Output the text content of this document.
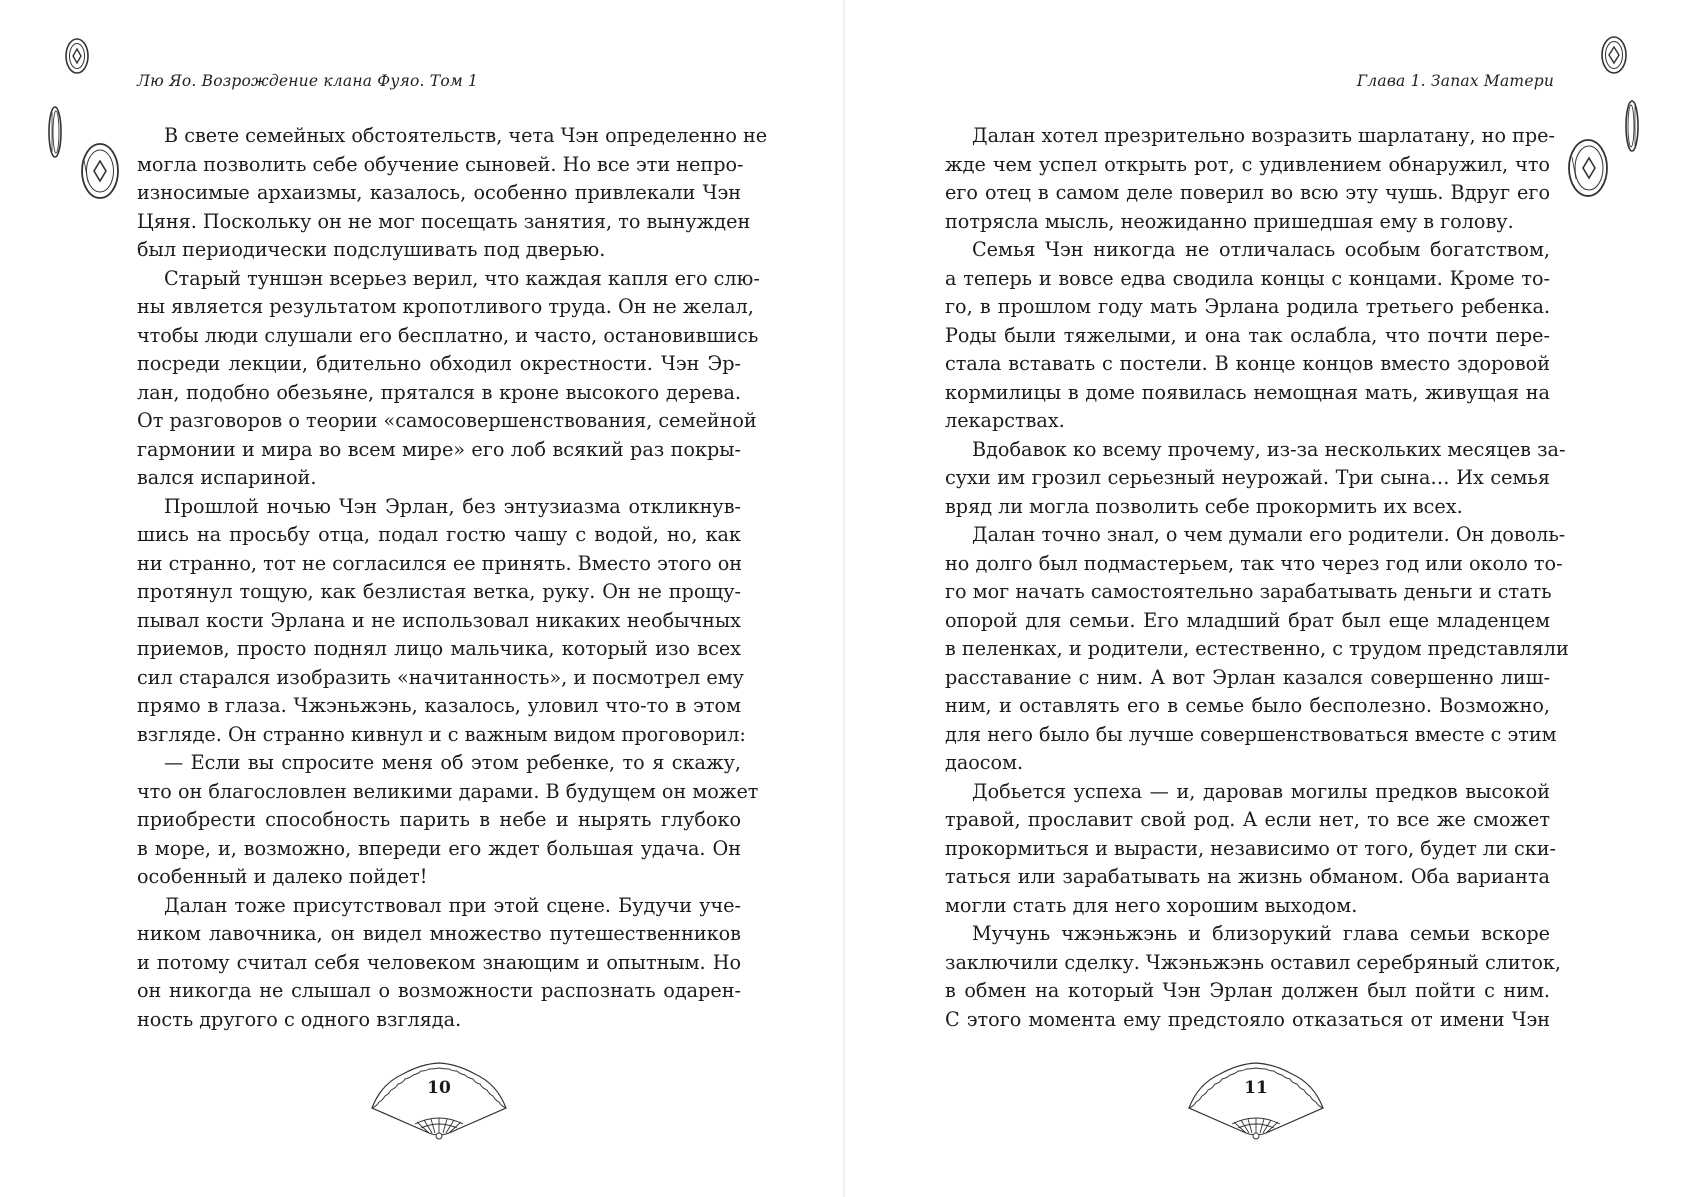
Лю Яо. Возрождение клана Фуяо. Том 1
В свете семейных обстоятельств, чета Чэн определенно не
могла позволить себе обучение сыновей. Но все эти непро-
износимые архаизмы, казалось, особенно привлекали Чэн
Цяня. Поскольку он не мог посещать занятия, то вынужден
был периодически подслушивать под дверью.
Старый туншэн всерьез верил, что каждая капля его слю-
ны является результатом кропотливого труда. Он не желал,
чтобы люди слушали его бесплатно, и часто, остановившись
посреди лекции, бдительно обходил окрестности. Чэн Эр-
лан, подобно обезьяне, прятался в кроне высокого дерева.
От разговоров о теории «самосовершенствования, семейной
гармонии и мира во всем мире» его лоб всякий раз покры-
вался испариной.
Прошлой ночью Чэн Эрлан, без энтузиазма откликнув-
шись на просьбу отца, подал гостю чашу с водой, но, как
ни странно, тот не согласился ее принять. Вместо этого он
протянул тощую, как безлистая ветка, руку. Он не прощу-
пывал кости Эрлана и не использовал никаких необычных
приемов, просто поднял лицо мальчика, который изо всех
сил старался изобразить «начитанность», и посмотрел ему
прямо в глаза. Чжэньжэнь, казалось, уловил что-то в этом
взгляде. Он странно кивнул и с важным видом проговорил:
— Если вы спросите меня об этом ребенке, то я скажу,
что он благословлен великими дарами. В будущем он может
приобрести способность парить в небе и нырять глубоко
в море, и, возможно, впереди его ждет большая удача. Он
особенный и далеко пойдет!
Далан тоже присутствовал при этой сцене. Будучи уче-
ником лавочника, он видел множество путешественников
и потому считал себя человеком знающим и опытным. Но
он никогда не слышал о возможности распознать одарен-
ность другого с одного взгляда.
10
Глава 1. Запах Матери
Далан хотел презрительно возразить шарлатану, но пре-
жде чем успел открыть рот, с удивлением обнаружил, что
его отец в самом деле поверил во всю эту чушь. Вдруг его
потрясла мысль, неожиданно пришедшая ему в голову.
Семья Чэн никогда не отличалась особым богатством,
а теперь и вовсе едва сводила концы с концами. Кроме то-
го, в прошлом году мать Эрлана родила третьего ребенка.
Роды были тяжелыми, и она так ослабла, что почти пере-
стала вставать с постели. В конце концов вместо здоровой
кормилицы в доме появилась немощная мать, живущая на
лекарствах.
Вдобавок ко всему прочему, из-за нескольких месяцев за-
сухи им грозил серьезный неурожай. Три сына… Их семья
вряд ли могла позволить себе прокормить их всех.
Далан точно знал, о чем думали его родители. Он доволь-
но долго был подмастерьем, так что через год или около то-
го мог начать самостоятельно зарабатывать деньги и стать
опорой для семьи. Его младший брат был еще младенцем
в пеленках, и родители, естественно, с трудом представляли
расставание с ним. А вот Эрлан казался совершенно лиш-
ним, и оставлять его в семье было бесполезно. Возможно,
для него было бы лучше совершенствоваться вместе с этим
даосом.
Добьется успеха — и, даровав могилы предков высокой
травой, прославит свой род. А если нет, то все же сможет
прокормиться и вырасти, независимо от того, будет ли ски-
таться или зарабатывать на жизнь обманом. Оба варианта
могли стать для него хорошим выходом.
Мучунь чжэньжэнь и близорукий глава семьи вскоре
заключили сделку. Чжэньжэнь оставил серебряный слиток,
в обмен на который Чэн Эрлан должен был пойти с ним.
С этого момента ему предстояло отказаться от имени Чэн
11
